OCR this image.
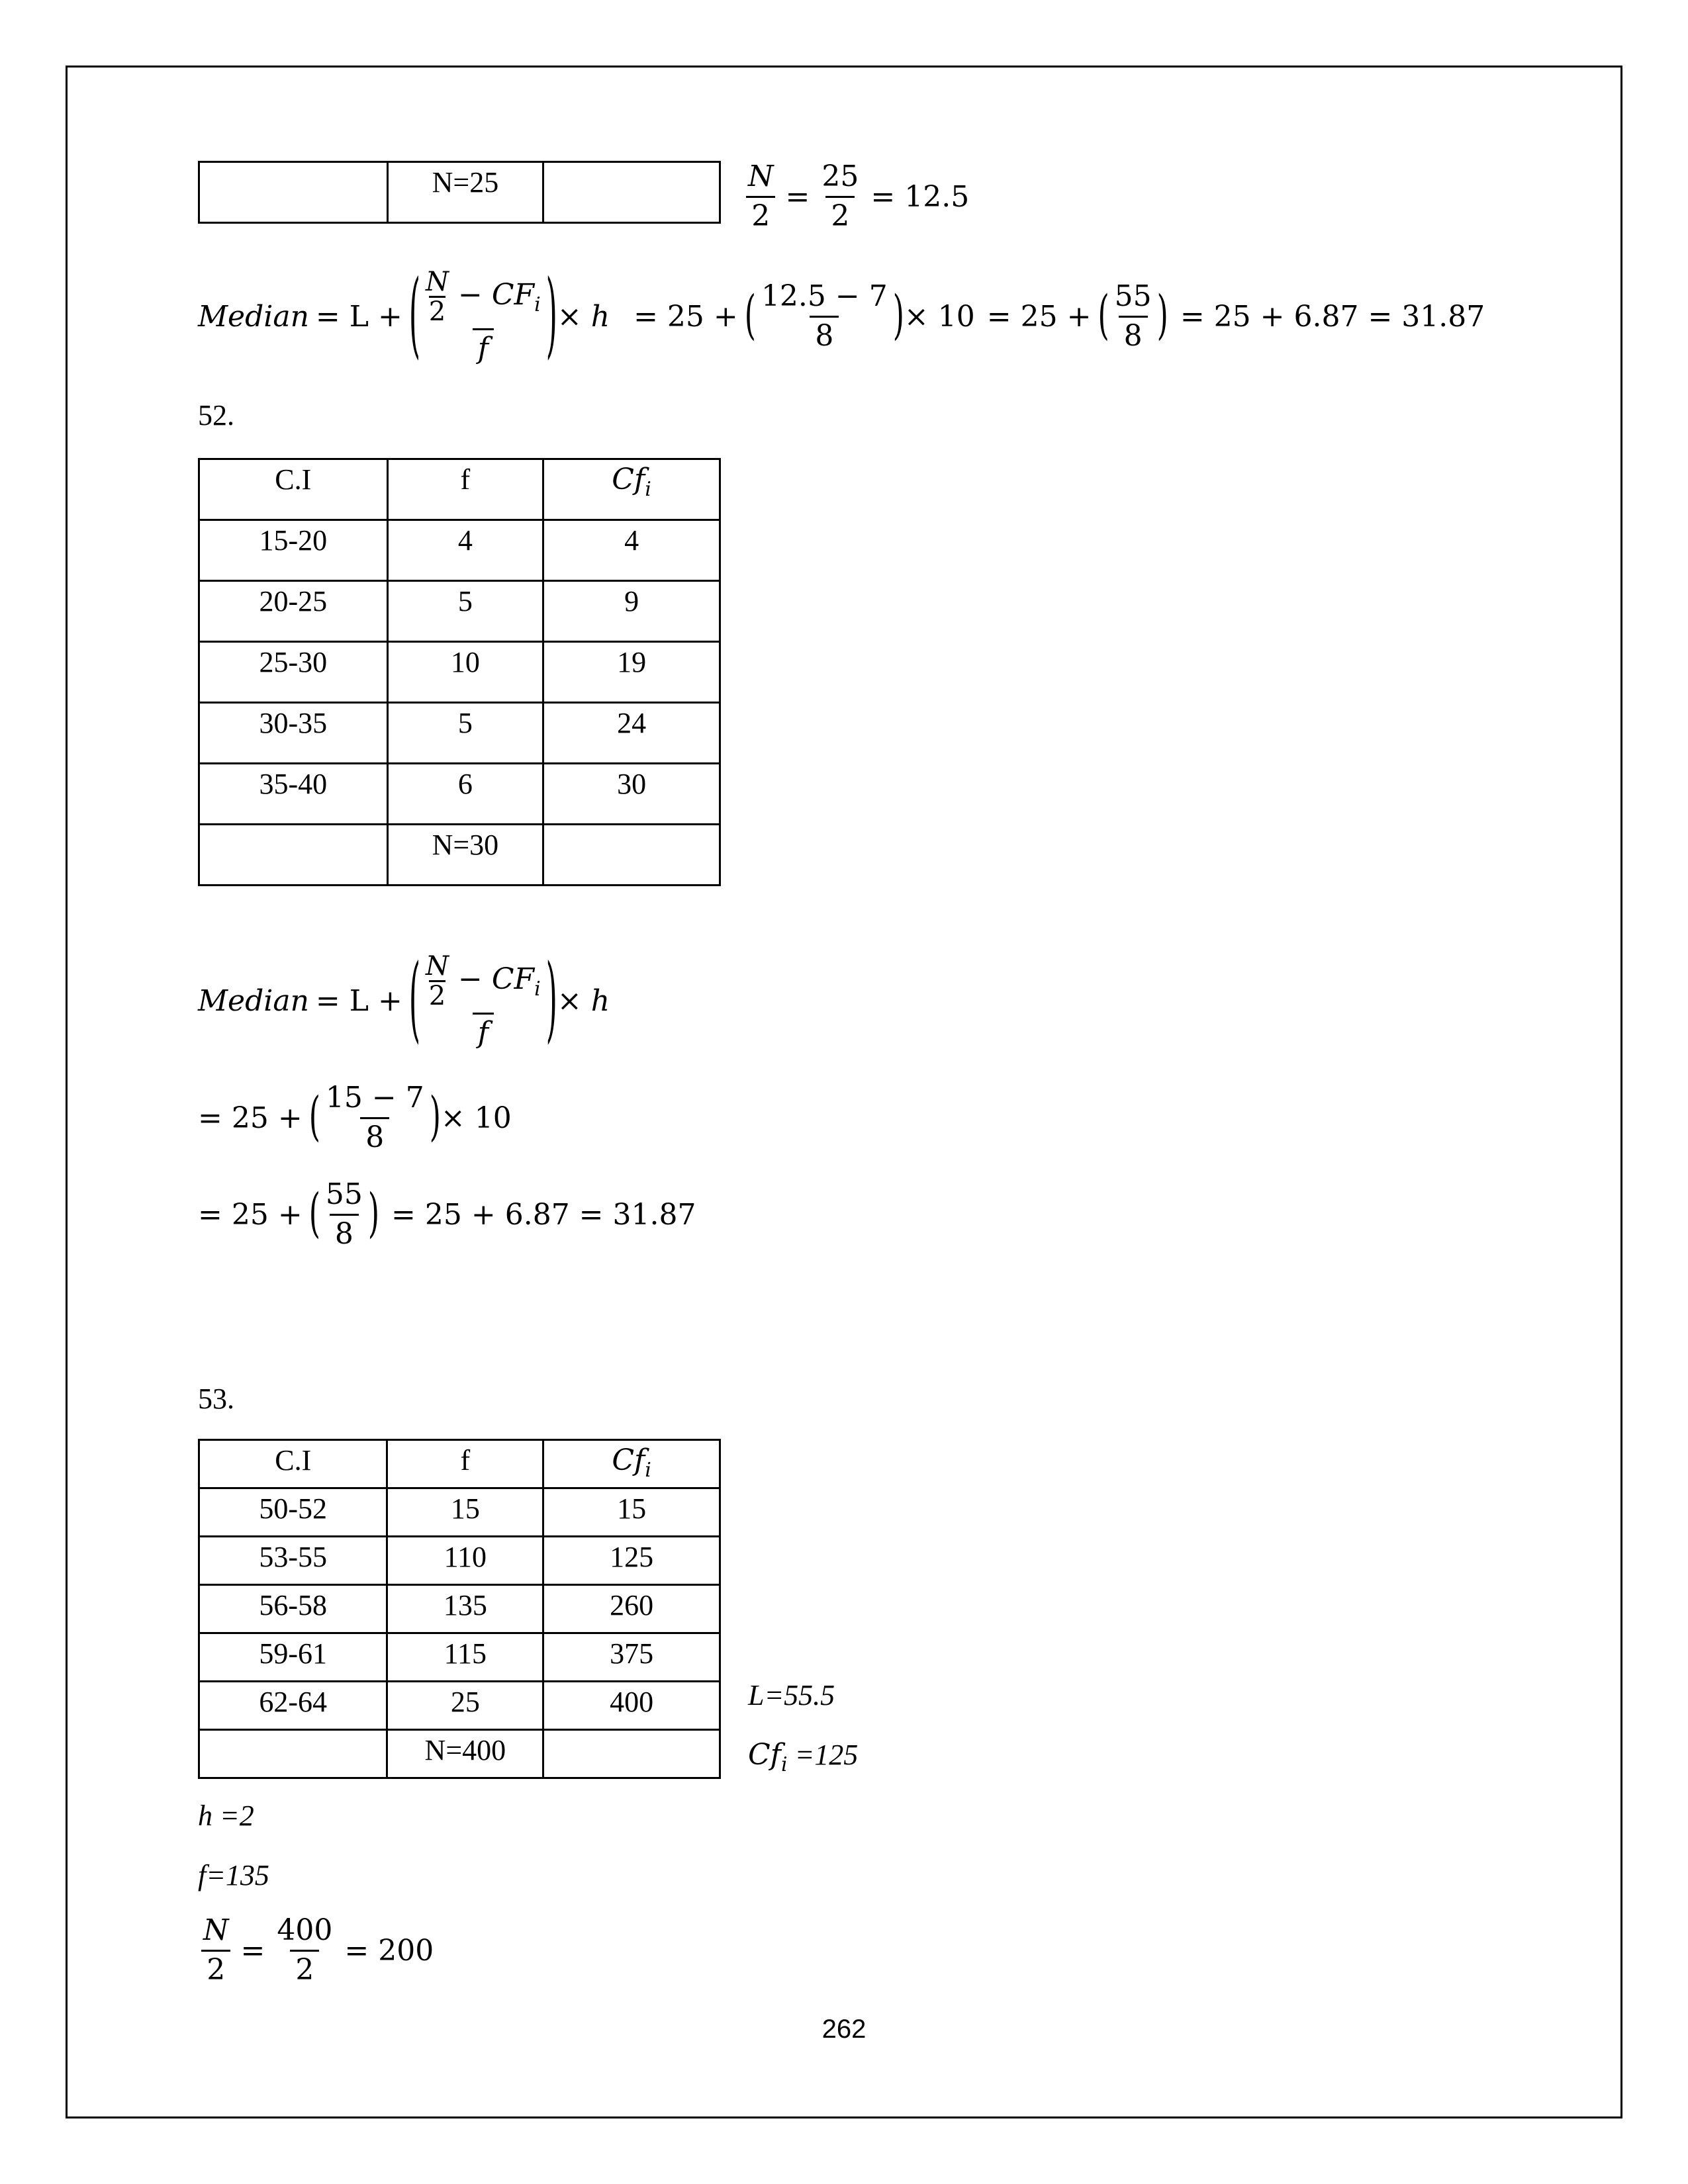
	N=25		$\frac{N}{2} = \frac{25}{2} = 12.5$
Median = L + ( $\frac{\frac{N}{2} - CF_i}{f}$ ) × h = 25 + ( $\frac{12.5 - 7}{8}$ ) × 10 = 25 + ( $\frac{55}{8}$ ) = 25 + 6.87 = 31.87
52.
C.I	f	$Cf_i$
15-20	4	4
20-25	5	9
25-30	10	19
30-35	5	24
35-40	6	30
	N=30	
Median = L + ( $\frac{\frac{N}{2} - CF_i}{f}$ ) × h
= 25 + ( $\frac{15 - 7}{8}$ ) × 10
= 25 + ( $\frac{55}{8}$ ) = 25 + 6.87 = 31.87
53.
C.I	f	$Cf_i$
50-52	15	15
53-55	110	125
56-58	135	260
59-61	115	375
62-64	25	400
	N=400	
L=55.5
$Cf_i =125$
h =2
f=135
$\frac{N}{2} = \frac{400}{2} = 200$
262
